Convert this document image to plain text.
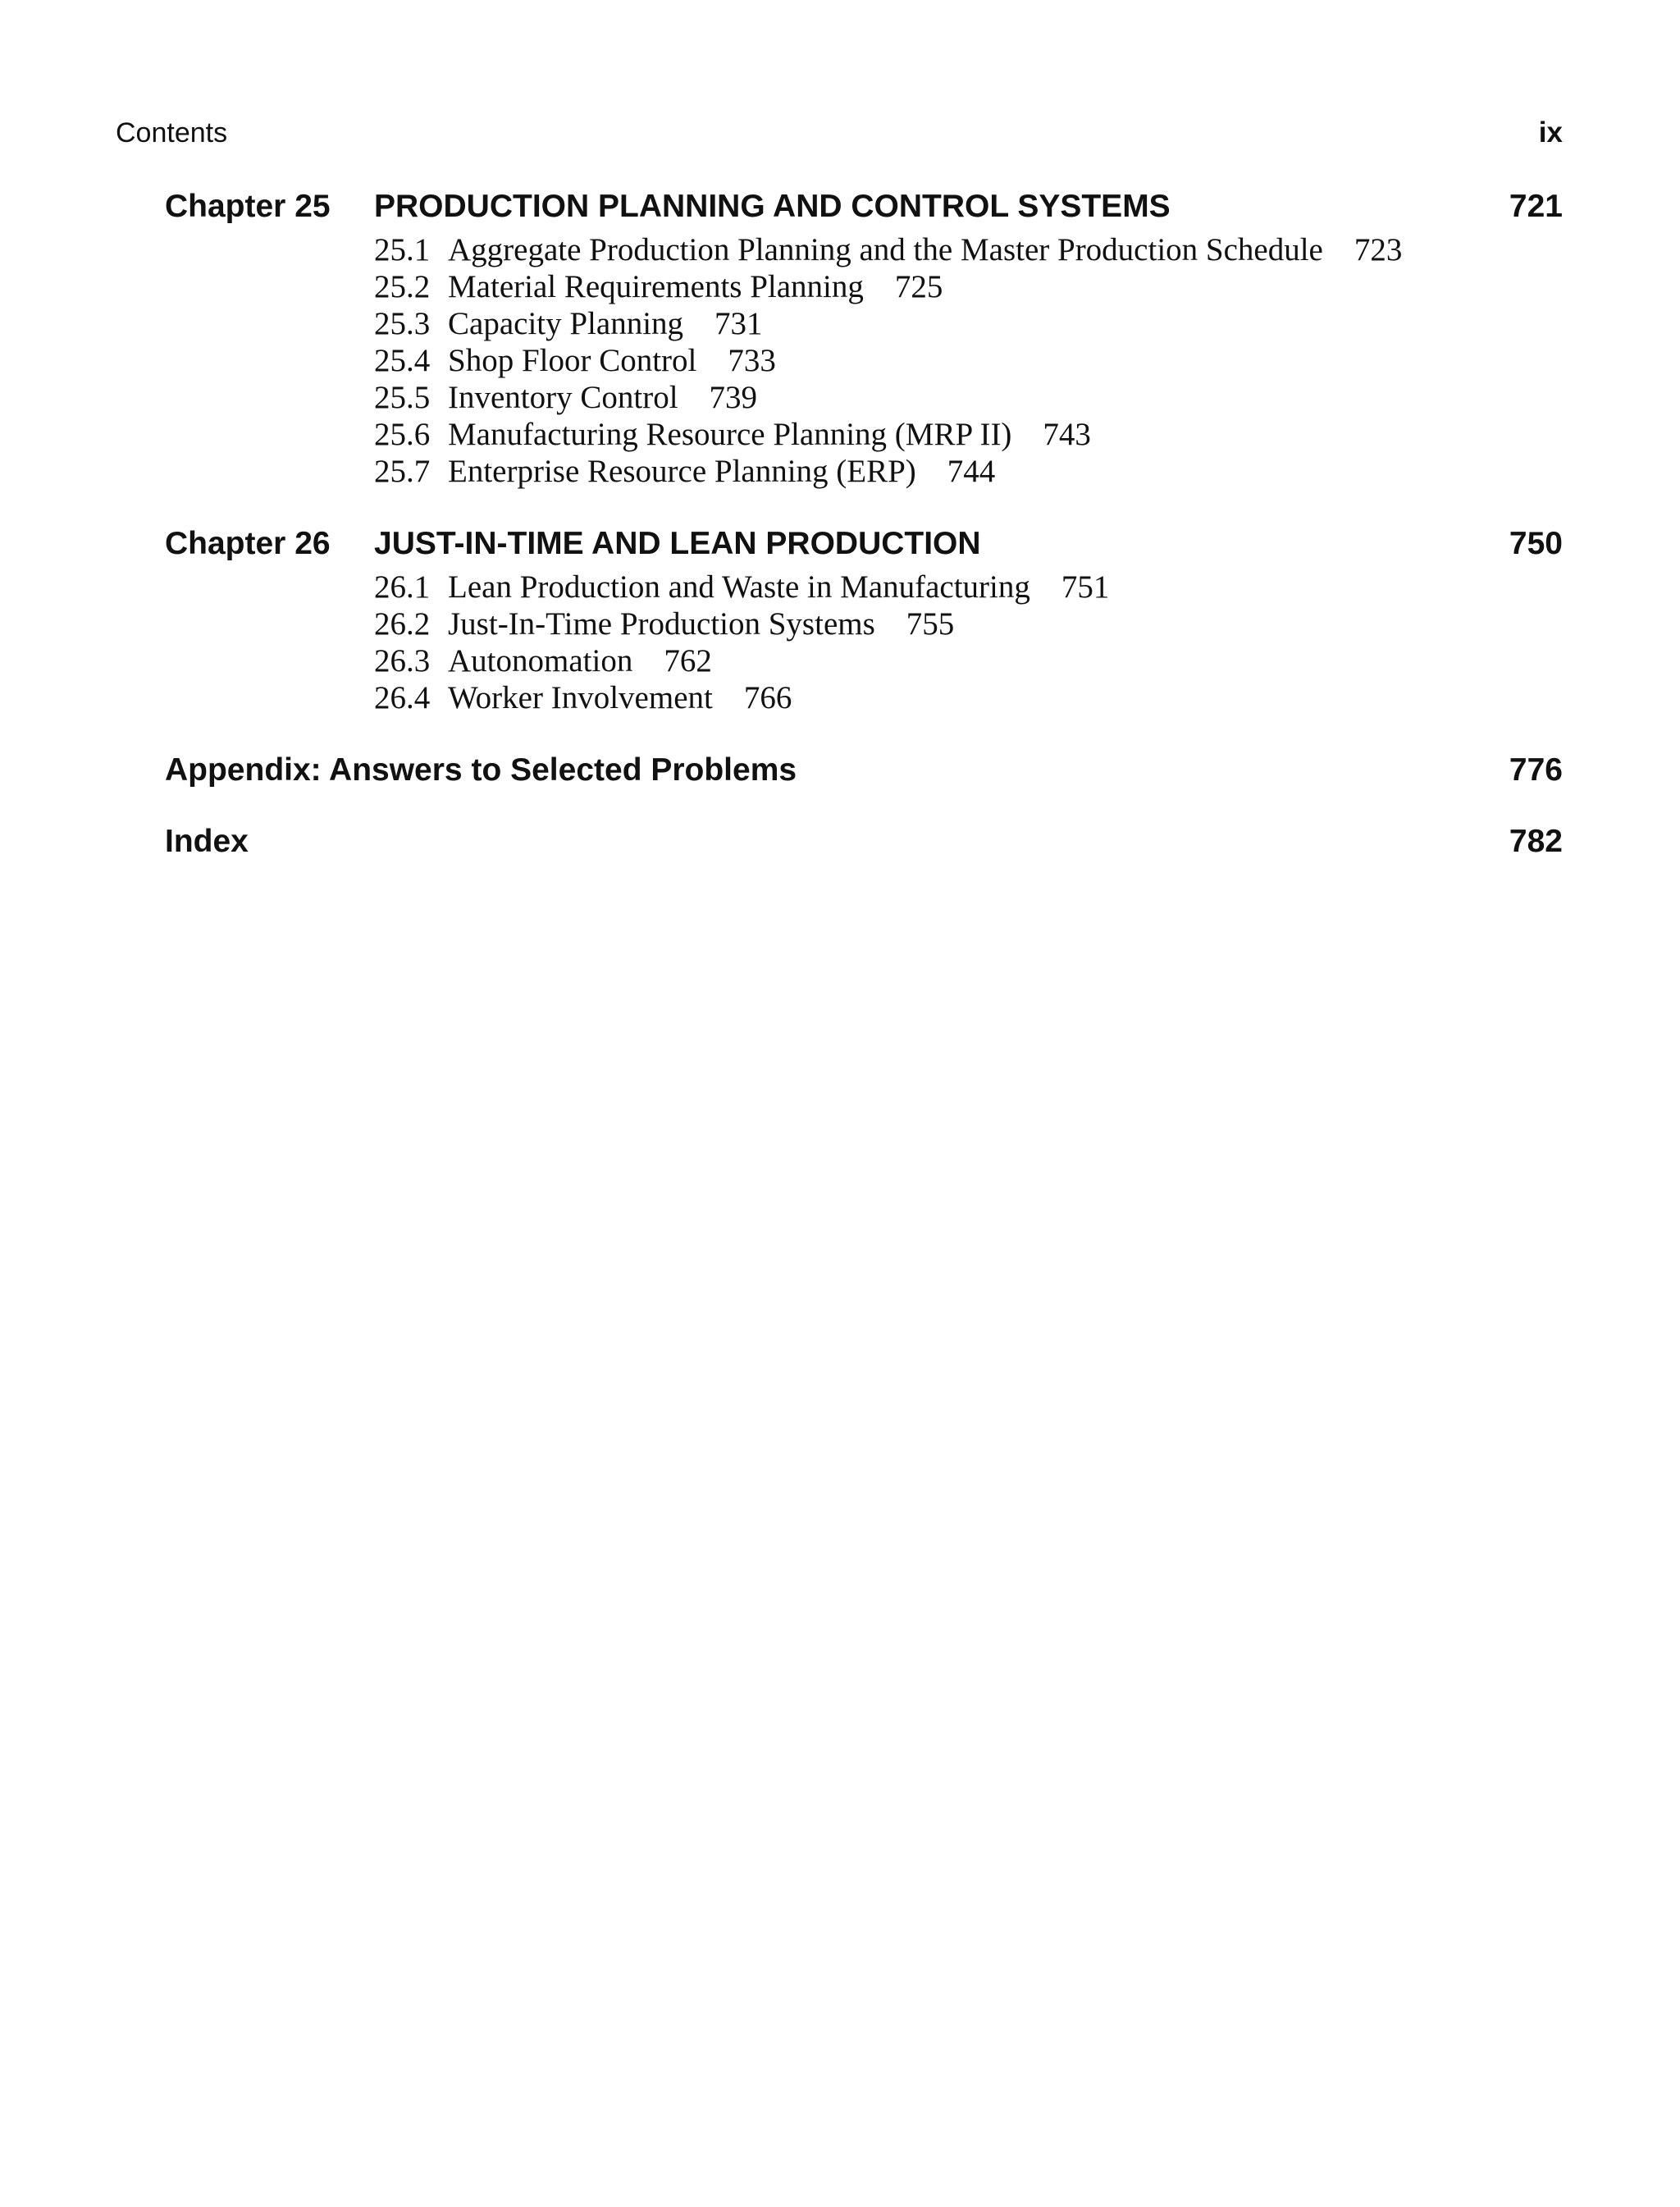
Contents	ix
Chapter 25 PRODUCTION PLANNING AND CONTROL SYSTEMS	721
25.1 Aggregate Production Planning and the Master Production Schedule 723
25.2 Material Requirements Planning 725
25.3 Capacity Planning 731
25.4 Shop Floor Control 733
25.5 Inventory Control 739
25.6 Manufacturing Resource Planning (MRP II) 743
25.7 Enterprise Resource Planning (ERP) 744
Chapter 26 JUST-IN-TIME AND LEAN PRODUCTION	750
26.1 Lean Production and Waste in Manufacturing 751
26.2 Just-In-Time Production Systems 755
26.3 Autonomation 762
26.4 Worker Involvement 766
Appendix: Answers to Selected Problems	776
Index	782
